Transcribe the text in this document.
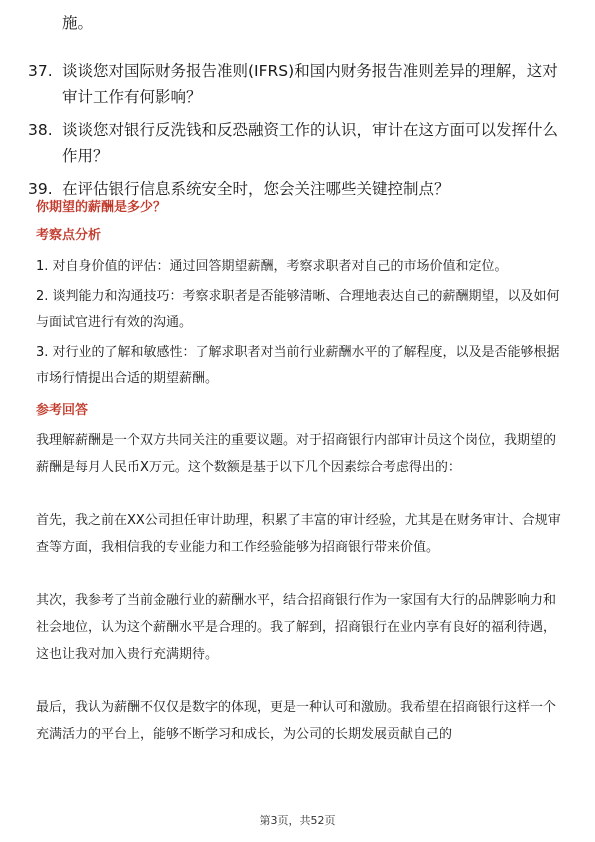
施。
37. 谈谈您对国际财务报告准则(IFRS)和国内财务报告准则差异的理解，这对审计工作有何影响？
38. 谈谈您对银行反洗钱和反恐融资工作的认识，审计在这方面可以发挥什么作用？
39. 在评估银行信息系统安全时，您会关注哪些关键控制点？
你期望的薪酬是多少？
考察点分析
1. 对自身价值的评估：通过回答期望薪酬，考察求职者对自己的市场价值和定位。
2. 谈判能力和沟通技巧：考察求职者是否能够清晰、合理地表达自己的薪酬期望，以及如何与面试官进行有效的沟通。
3. 对行业的了解和敏感性：了解求职者对当前行业薪酬水平的了解程度，以及是否能够根据市场行情提出合适的期望薪酬。
参考回答

我理解薪酬是一个双方共同关注的重要议题。对于招商银行内部审计员这个岗位，我期望的薪酬是每月人民币X万元。这个数额是基于以下几个因素综合考虑得出的：

首先，我之前在XX公司担任审计助理，积累了丰富的审计经验，尤其是在财务审计、合规审查等方面，我相信我的专业能力和工作经验能够为招商银行带来价值。

其次，我参考了当前金融行业的薪酬水平，结合招商银行作为一家国有大行的品牌影响力和社会地位，认为这个薪酬水平是合理的。我了解到，招商银行在业内享有良好的福利待遇，这也让我对加入贵行充满期待。

最后，我认为薪酬不仅仅是数字的体现，更是一种认可和激励。我希望在招商银行这样一个充满活力的平台上，能够不断学习和成长，为公司的长期发展贡献自己的

第3页，共52页
